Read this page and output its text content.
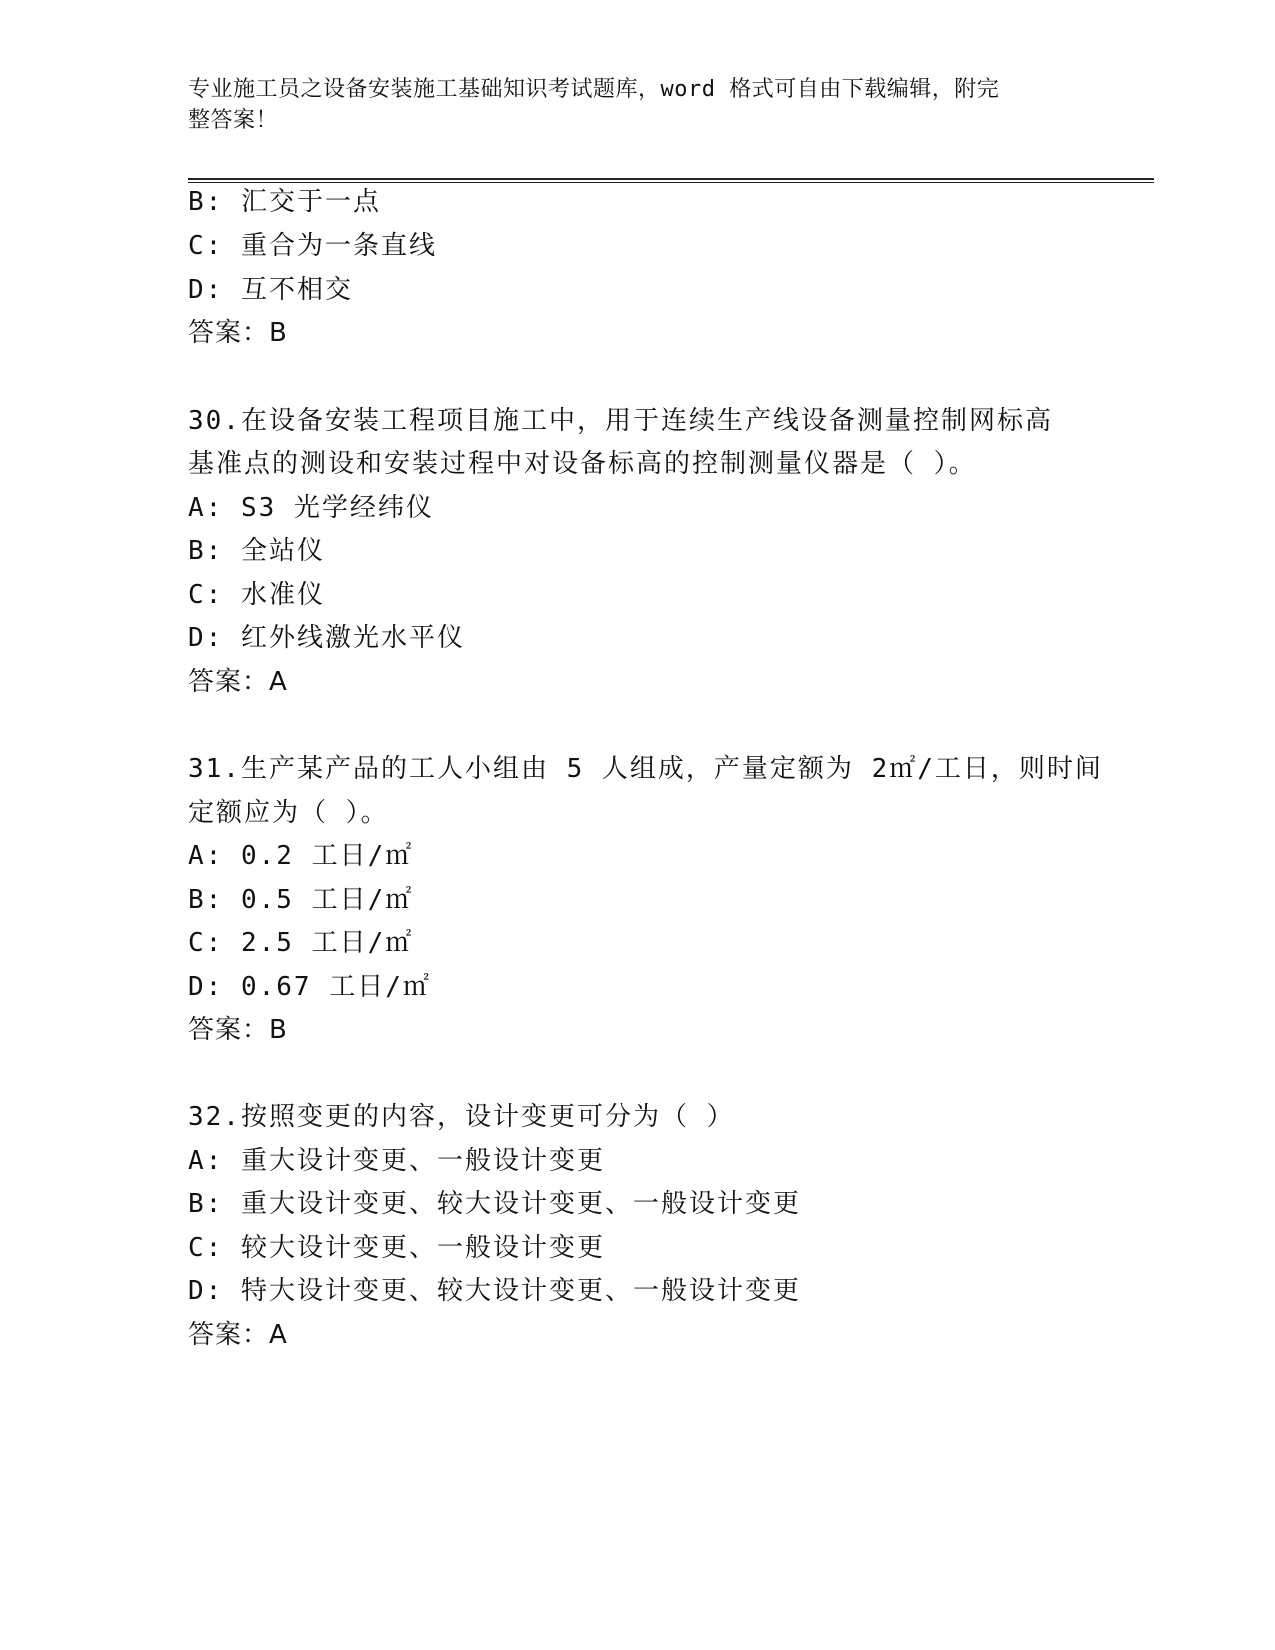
专业施工员之设备安装施工基础知识考试题库，word 格式可自由下载编辑，附完
整答案！
B: 汇交于一点
C: 重合为一条直线
D: 互不相交
答案：B
30.在设备安装工程项目施工中，用于连续生产线设备测量控制网标高
基准点的测设和安装过程中对设备标高的控制测量仪器是（ ）。
A: S3 光学经纬仪
B: 全站仪
C: 水准仪
D: 红外线激光水平仪
答案：A
31.生产某产品的工人小组由 5 人组成，产量定额为 2㎡/工日，则时间
定额应为（ ）。
A: 0.2 工日/㎡
B: 0.5 工日/㎡
C: 2.5 工日/㎡
D: 0.67 工日/㎡
答案：B
32.按照变更的内容，设计变更可分为（ ）
A: 重大设计变更、一般设计变更
B: 重大设计变更、较大设计变更、一般设计变更
C: 较大设计变更、一般设计变更
D: 特大设计变更、较大设计变更、一般设计变更
答案：A
